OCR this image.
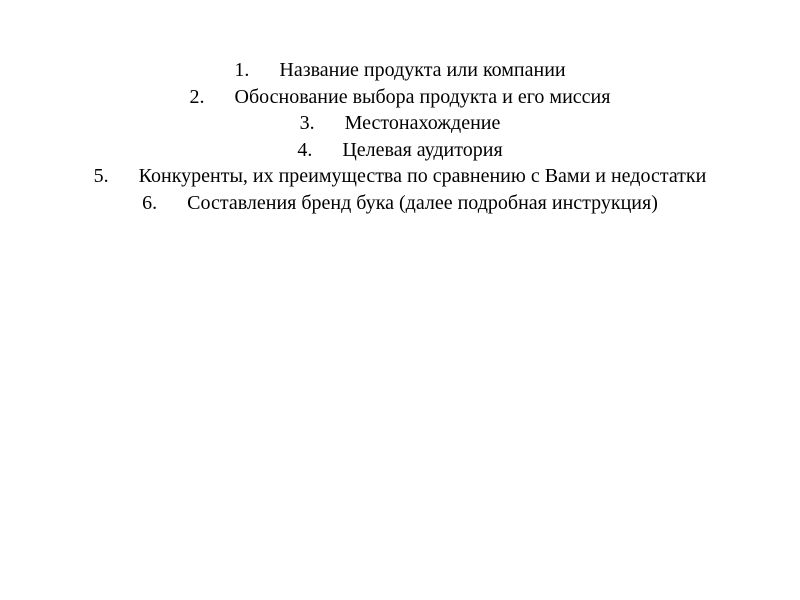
1.	Название продукта или компании
2.	Обоснование выбора продукта и его миссия
3.	Местонахождение
4.	Целевая аудитория
5.	Конкуренты, их преимущества по сравнению с Вами и недостатки
6.	Составления бренд бука (далее подробная инструкция)
